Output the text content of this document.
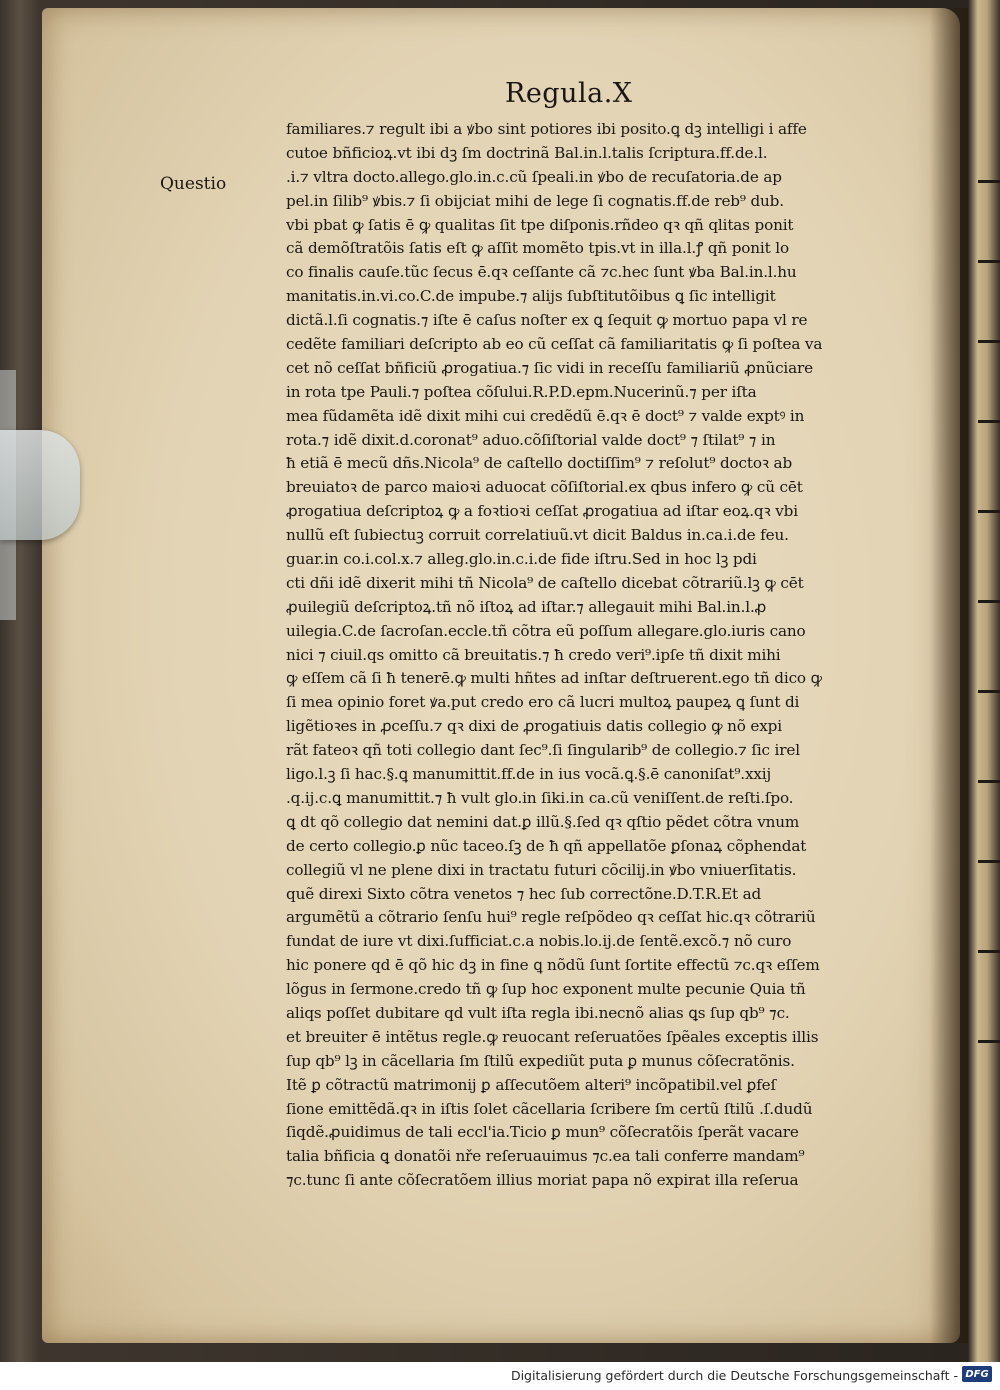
Regula.X
Questio
familiares.⁊ regult ibi a ꝟbo sint potiores ibi posito.ꝗ dꝫ intelligi i affe
cutoe bñficioꝝ.vt ibi dꝫ ſm doctrinã Bal.in.l.talis ſcriptura.ff.de.l.
.i.⁊ vltra docto.allego.glo.in.c.cũ ſpeali.in ꝟbo de recuſatoria.de ap
pel.in ſilib⁹ ꝟbis.⁊ ſi obijciat mihi de lege ſi cognatis.ff.de reb⁹ dub.
vbi pbat ꝙ ſatis ē ꝙ qualitas ſit tpe diſponis.rñdeo qꝛ qñ qlitas ponit
cã demõſtratõis ſatis eſt ꝙ aſſit momẽto tpis.vt in illa.l.ꝭ qñ ponit lo
co finalis cauſe.tũc ſecus ē.qꝛ ceſſante cã ⁊c.hec ſunt ꝟba Bal.in.l.hu
manitatis.in.vi.co.C.de impube.⁊ alijs ſubſtitutõibus ꝗ ſic intelligit
dictã.l.ſi cognatis.⁊ iſte ē caſus noſter ex ꝗ ſequit ꝙ mortuo papa vl re
cedẽte familiari deſcripto ab eo cũ ceſſat cã familiaritatis ꝙ ſi poſtea va
cet nõ ceſſat bñficiũ ꝓrogatiua.⁊ ſic vidi in receſſu familiariũ ꝓnũciare
in rota tpe Pauli.⁊ poſtea cõſului.R.P.D.epm.Nucerinũ.⁊ per iſta
mea fũdamẽta idẽ dixit mihi cui credẽdũ ē.qꝛ ē doct⁹ ⁊ valde exptꝰ in
rota.⁊ idẽ dixit.d.coronat⁹ aduo.cõſiſtorial valde doct⁹ ⁊ ſtilat⁹ ⁊ in
ħ etiã ē mecũ dñs.Nicola⁹ de caſtello doctiſſim⁹ ⁊ reſolut⁹ doctoꝛ ab
breuiatoꝛ de parco maioꝛi aduocat cõſiſtorial.ex qbus infero ꝙ cũ cēt
ꝓrogatiua deſcriptoꝝ ꝙ a foꝛtioꝛi ceſſat ꝓrogatiua ad iſtar eoꝝ.qꝛ vbi
nullũ eſt ſubiectuꝫ corruit correlatiuũ.vt dicit Baldus in.ca.i.de feu.
guar.in co.i.col.x.⁊ alleg.glo.in.c.i.de fide iſtru.Sed in hoc lꝫ pdi
cti dñi idẽ dixerit mihi tñ Nicola⁹ de caſtello dicebat cõtrariũ.lꝫ ꝙ cēt
ꝓuilegiũ deſcriptoꝝ.tñ nõ iſtoꝝ ad iſtar.⁊ allegauit mihi Bal.in.l.ꝓ
uilegia.C.de ſacroſan.eccle.tñ cõtra eũ poſſum allegare.glo.iuris cano
nici ⁊ ciuil.qs omitto cã breuitatis.⁊ ħ credo veri⁹.ipſe tñ dixit mihi
ꝙ eſſem cã ſi ħ tenerē.ꝙ multi hñtes ad inſtar deſtruerent.ego tñ dico ꝙ
ſi mea opinio foret ꝟa.put credo ero cã lucri multoꝝ paupeꝝ ꝗ ſunt di
ligẽtioꝛes in ꝓceſſu.⁊ qꝛ dixi de ꝓrogatiuis datis collegio ꝙ nõ expi
rãt fateoꝛ qñ toti collegio dant ſec⁹.ſi ſingularib⁹ de collegio.⁊ ſic irel
ligo.l.ꝫ ſi hac.§.ꝗ manumittit.ff.de in ius vocã.ꝗ.§.ē canoniſat⁹.xxij
.q.ij.c.ꝗ manumittit.⁊ ħ vult glo.in ſiki.in ca.cũ veniſſent.de reſti.ſpo.
ꝗ dt qõ collegio dat nemini dat.ꝑ illũ.§.ſed qꝛ qſtio pẽdet cõtra vnum
de certo collegio.ꝑ nũc taceo.ſꝫ de ħ qñ appellatõe ꝑſonaꝝ cõphendat
collegiũ vl ne plene dixi in tractatu futuri cõcilij.in ꝟbo vniuerſitatis.
quẽ direxi Sixto cõtra venetos ⁊ hec ſub correctõne.D.T.R.Et ad
argumẽtũ a cõtrario ſenſu hui⁹ regle reſpõdeo qꝛ ceſſat hic.qꝛ cõtrariũ
fundat de iure vt dixi.ſufficiat.c.a nobis.lo.ij.de ſentẽ.excõ.⁊ nõ curo
hic ponere qd ē qõ hic dꝫ in fine ꝗ nõdũ ſunt ſortite effectũ ⁊c.qꝛ eſſem
lõgus in ſermone.credo tñ ꝙ ſup hoc exponent multe pecunie Quia tñ
aliqs poſſet dubitare qd vult iſta regla ibi.necnõ alias ꝗs ſup qb⁹ ⁊c.
et breuiter ē intẽtus regle.ꝙ reuocant reſeruatões ſpẽales exceptis illis
ſup qb⁹ lꝫ in cãcellaria ſm ſtilũ expediũt puta ꝑ munus cõſecratõnis.
Itẽ ꝑ cõtractũ matrimonij ꝑ aſſecutõem alteri⁹ incõpatibil.vel ꝑfeſ
ſione emittẽdã.qꝛ in iſtis ſolet cãcellaria ſcribere ſm certũ ſtilũ .ſ.dudũ
ſiqdẽ.ꝓuidimus de tali eccl'ia.Ticio ꝑ mun⁹ cõſecratõis ſperãt vacare
talia bñficia ꝗ donatõi nře reſeruauimus ⁊c.ea tali conferre mandam⁹
⁊c.tunc ſi ante cõſecratõem illius moriat papa nõ expirat illa reſerua
Digitalisierung gefördert durch die Deutsche Forschungsgemeinschaft - DFG
